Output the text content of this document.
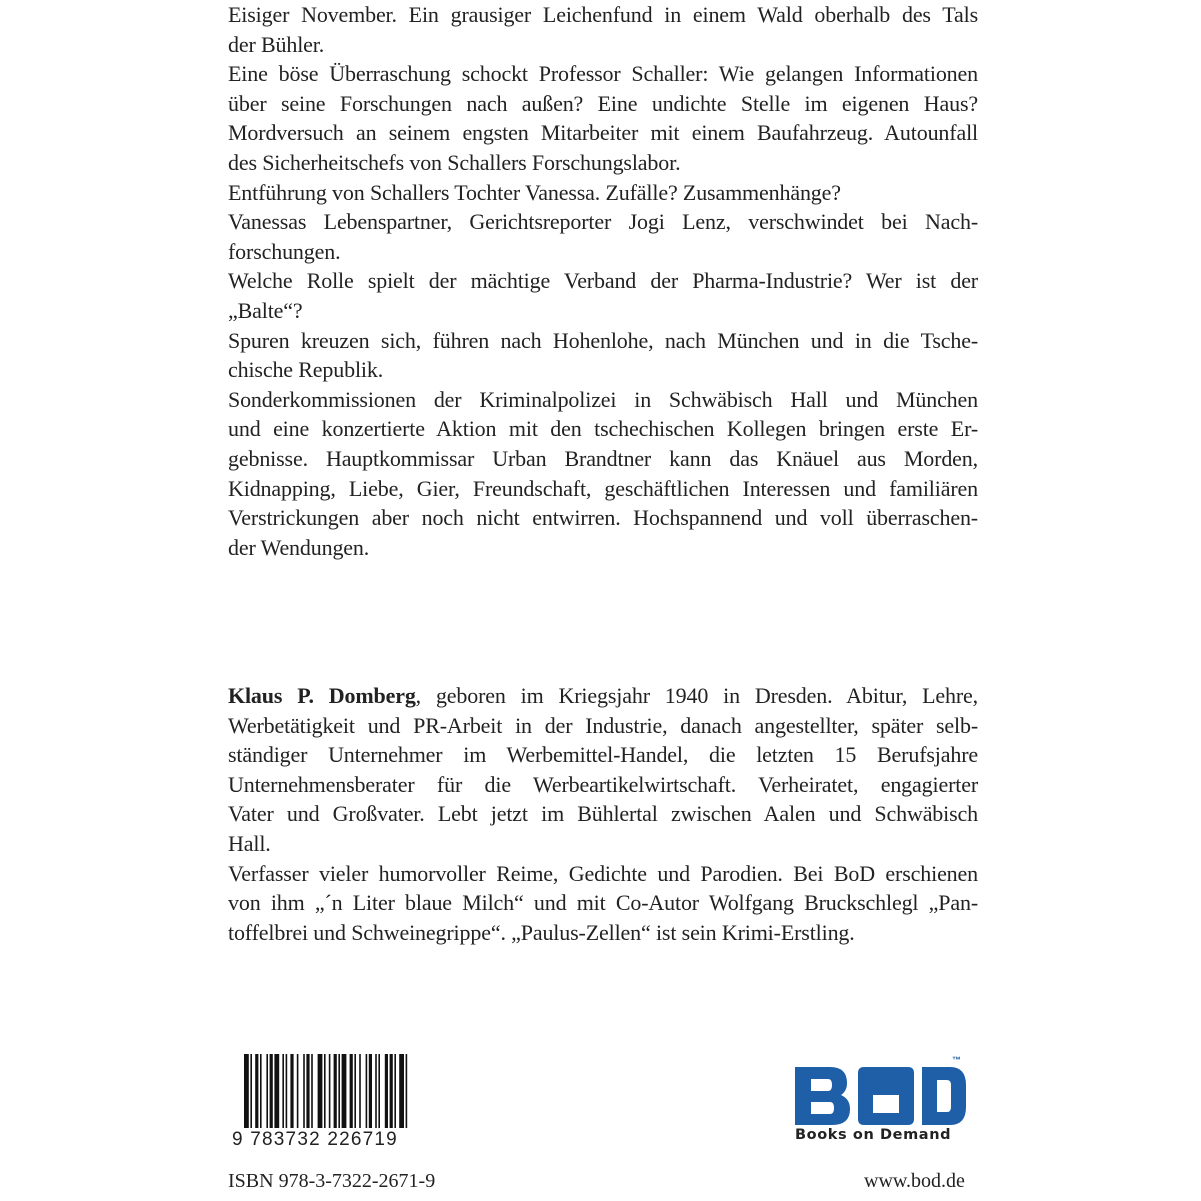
Eisiger November. Ein grausiger Leichenfund in einem Wald oberhalb des Tals
der Bühler.
Eine böse Überraschung schockt Professor Schaller: Wie gelangen Informationen
über seine Forschungen nach außen? Eine undichte Stelle im eigenen Haus?
Mordversuch an seinem engsten Mitarbeiter mit einem Baufahrzeug. Autounfall
des Sicherheitschefs von Schallers Forschungslabor.
Entführung von Schallers Tochter Vanessa. Zufälle? Zusammenhänge?
Vanessas Lebenspartner, Gerichtsreporter Jogi Lenz, verschwindet bei Nach-
forschungen.
Welche Rolle spielt der mächtige Verband der Pharma-Industrie? Wer ist der
„Balte“?
Spuren kreuzen sich, führen nach Hohenlohe, nach München und in die Tsche-
chische Republik.
Sonderkommissionen der Kriminalpolizei in Schwäbisch Hall und München
und eine konzertierte Aktion mit den tschechischen Kollegen bringen erste Er-
gebnisse. Hauptkommissar Urban Brandtner kann das Knäuel aus Morden,
Kidnapping, Liebe, Gier, Freundschaft, geschäftlichen Interessen und familiären
Verstrickungen aber noch nicht entwirren. Hochspannend und voll überraschen-
der Wendungen.
Klaus P. Domberg, geboren im Kriegsjahr 1940 in Dresden. Abitur, Lehre,
Werbetätigkeit und PR-Arbeit in der Industrie, danach angestellter, später selb-
ständiger Unternehmer im Werbemittel-Handel, die letzten 15 Berufsjahre
Unternehmensberater für die Werbeartikelwirtschaft. Verheiratet, engagierter
Vater und Großvater. Lebt jetzt im Bühlertal zwischen Aalen und Schwäbisch
Hall.
Verfasser vieler humorvoller Reime, Gedichte und Parodien. Bei BoD erschienen
von ihm „´n Liter blaue Milch“ und mit Co-Autor Wolfgang Bruckschlegl „Pan-
toffelbrei und Schweinegrippe“. „Paulus-Zellen“ ist sein Krimi-Erstling.
9 783732 226719
™
Books on Demand
ISBN 978-3-7322-2671-9	www.bod.de
